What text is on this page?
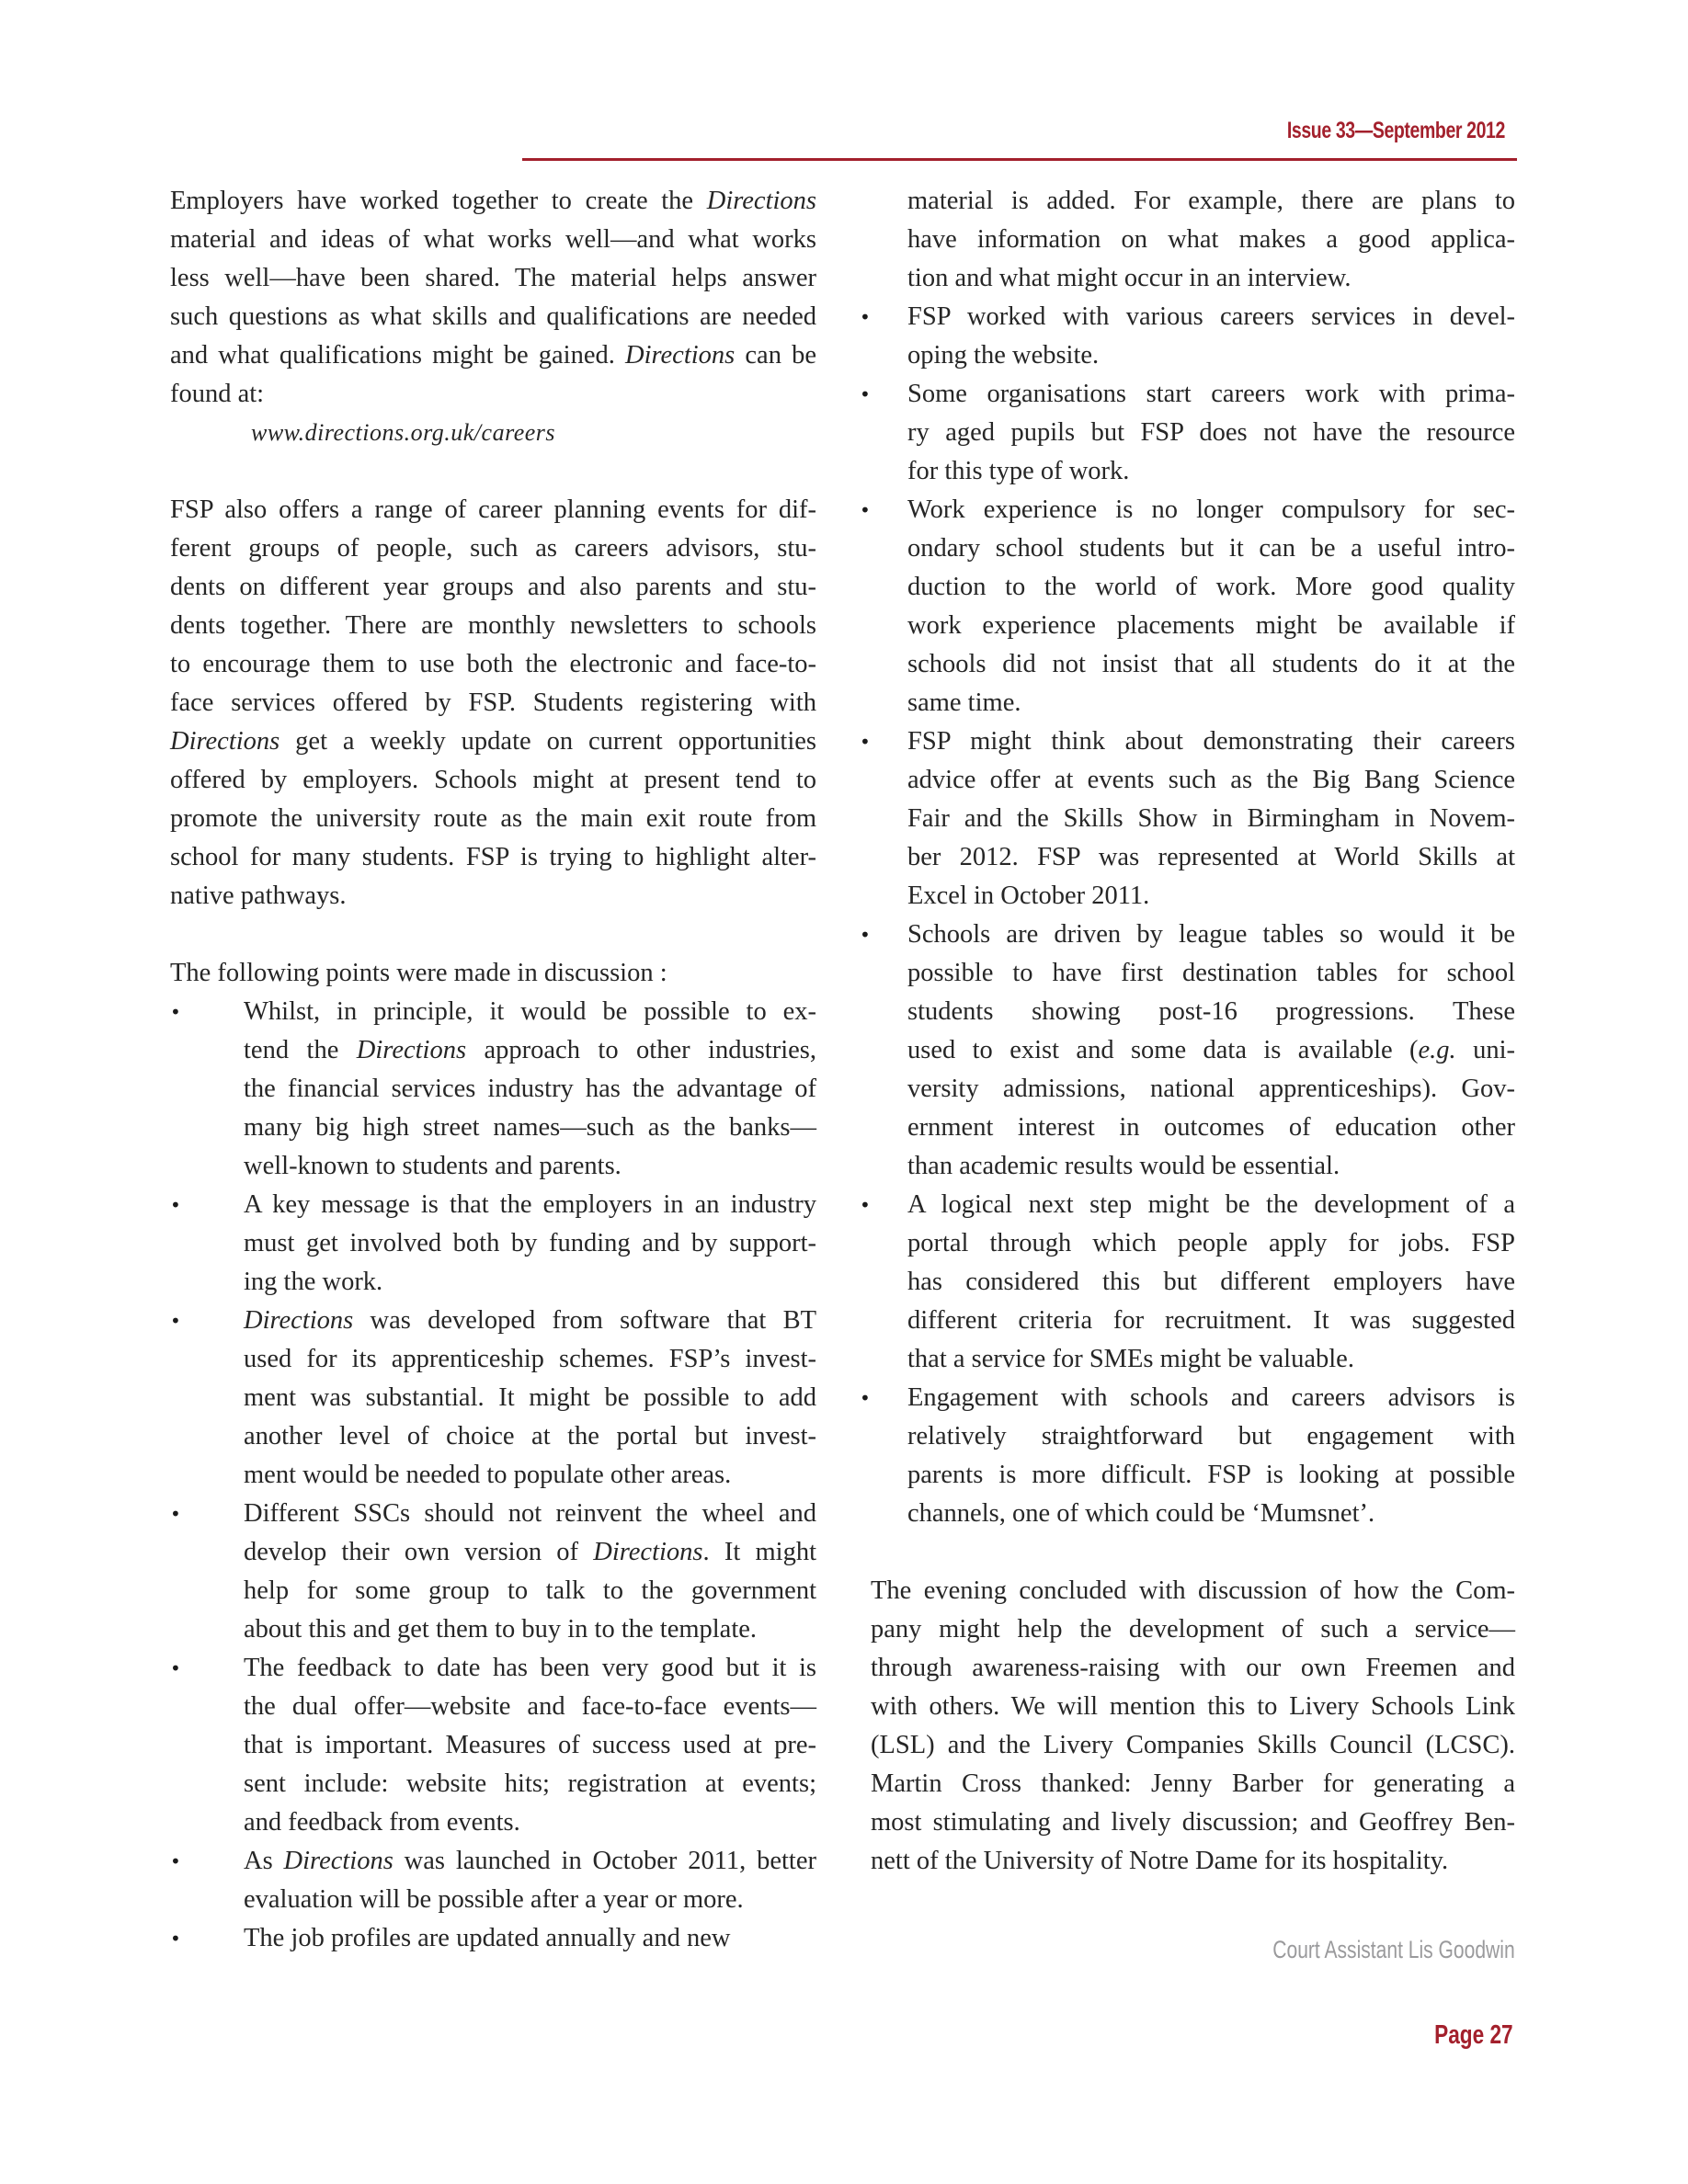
Issue 33—September 2012
Employers have worked together to create the Directions
material and ideas of what works well—and what works
less well—have been shared. The material helps answer
such questions as what skills and qualifications are needed
and what qualifications might be gained. Directions can be
found at:
www.directions.org.uk/careers
FSP also offers a range of career planning events for dif-
ferent groups of people, such as careers advisors, stu-
dents on different year groups and also parents and stu-
dents together. There are monthly newsletters to schools
to encourage them to use both the electronic and face-to-
face services offered by FSP. Students registering with
Directions get a weekly update on current opportunities
offered by employers. Schools might at present tend to
promote the university route as the main exit route from
school for many students. FSP is trying to highlight alter-
native pathways.
The following points were made in discussion :
• Whilst, in principle, it would be possible to ex-
tend the Directions approach to other industries,
the financial services industry has the advantage of
many big high street names—such as the banks—
well-known to students and parents.
• A key message is that the employers in an industry
must get involved both by funding and by support-
ing the work.
• Directions was developed from software that BT
used for its apprenticeship schemes. FSP’s invest-
ment was substantial. It might be possible to add
another level of choice at the portal but invest-
ment would be needed to populate other areas.
• Different SSCs should not reinvent the wheel and
develop their own version of Directions. It might
help for some group to talk to the government
about this and get them to buy in to the template.
• The feedback to date has been very good but it is
the dual offer—website and face-to-face events—
that is important. Measures of success used at pre-
sent include: website hits; registration at events;
and feedback from events.
• As Directions was launched in October 2011, better
evaluation will be possible after a year or more.
• The job profiles are updated annually and new
material is added. For example, there are plans to
have information on what makes a good applica-
tion and what might occur in an interview.
• FSP worked with various careers services in devel-
oping the website.
• Some organisations start careers work with prima-
ry aged pupils but FSP does not have the resource
for this type of work.
• Work experience is no longer compulsory for sec-
ondary school students but it can be a useful intro-
duction to the world of work. More good quality
work experience placements might be available if
schools did not insist that all students do it at the
same time.
• FSP might think about demonstrating their careers
advice offer at events such as the Big Bang Science
Fair and the Skills Show in Birmingham in Novem-
ber 2012. FSP was represented at World Skills at
Excel in October 2011.
• Schools are driven by league tables so would it be
possible to have first destination tables for school
students showing post-16 progressions. These
used to exist and some data is available (e.g. uni-
versity admissions, national apprenticeships). Gov-
ernment interest in outcomes of education other
than academic results would be essential.
• A logical next step might be the development of a
portal through which people apply for jobs. FSP
has considered this but different employers have
different criteria for recruitment. It was suggested
that a service for SMEs might be valuable.
• Engagement with schools and careers advisors is
relatively straightforward but engagement with
parents is more difficult. FSP is looking at possible
channels, one of which could be ‘Mumsnet’.
The evening concluded with discussion of how the Com-
pany might help the development of such a service—
through awareness-raising with our own Freemen and
with others. We will mention this to Livery Schools Link
(LSL) and the Livery Companies Skills Council (LCSC).
Martin Cross thanked: Jenny Barber for generating a
most stimulating and lively discussion; and Geoffrey Ben-
nett of the University of Notre Dame for its hospitality.
Court Assistant Lis Goodwin
Page 27
